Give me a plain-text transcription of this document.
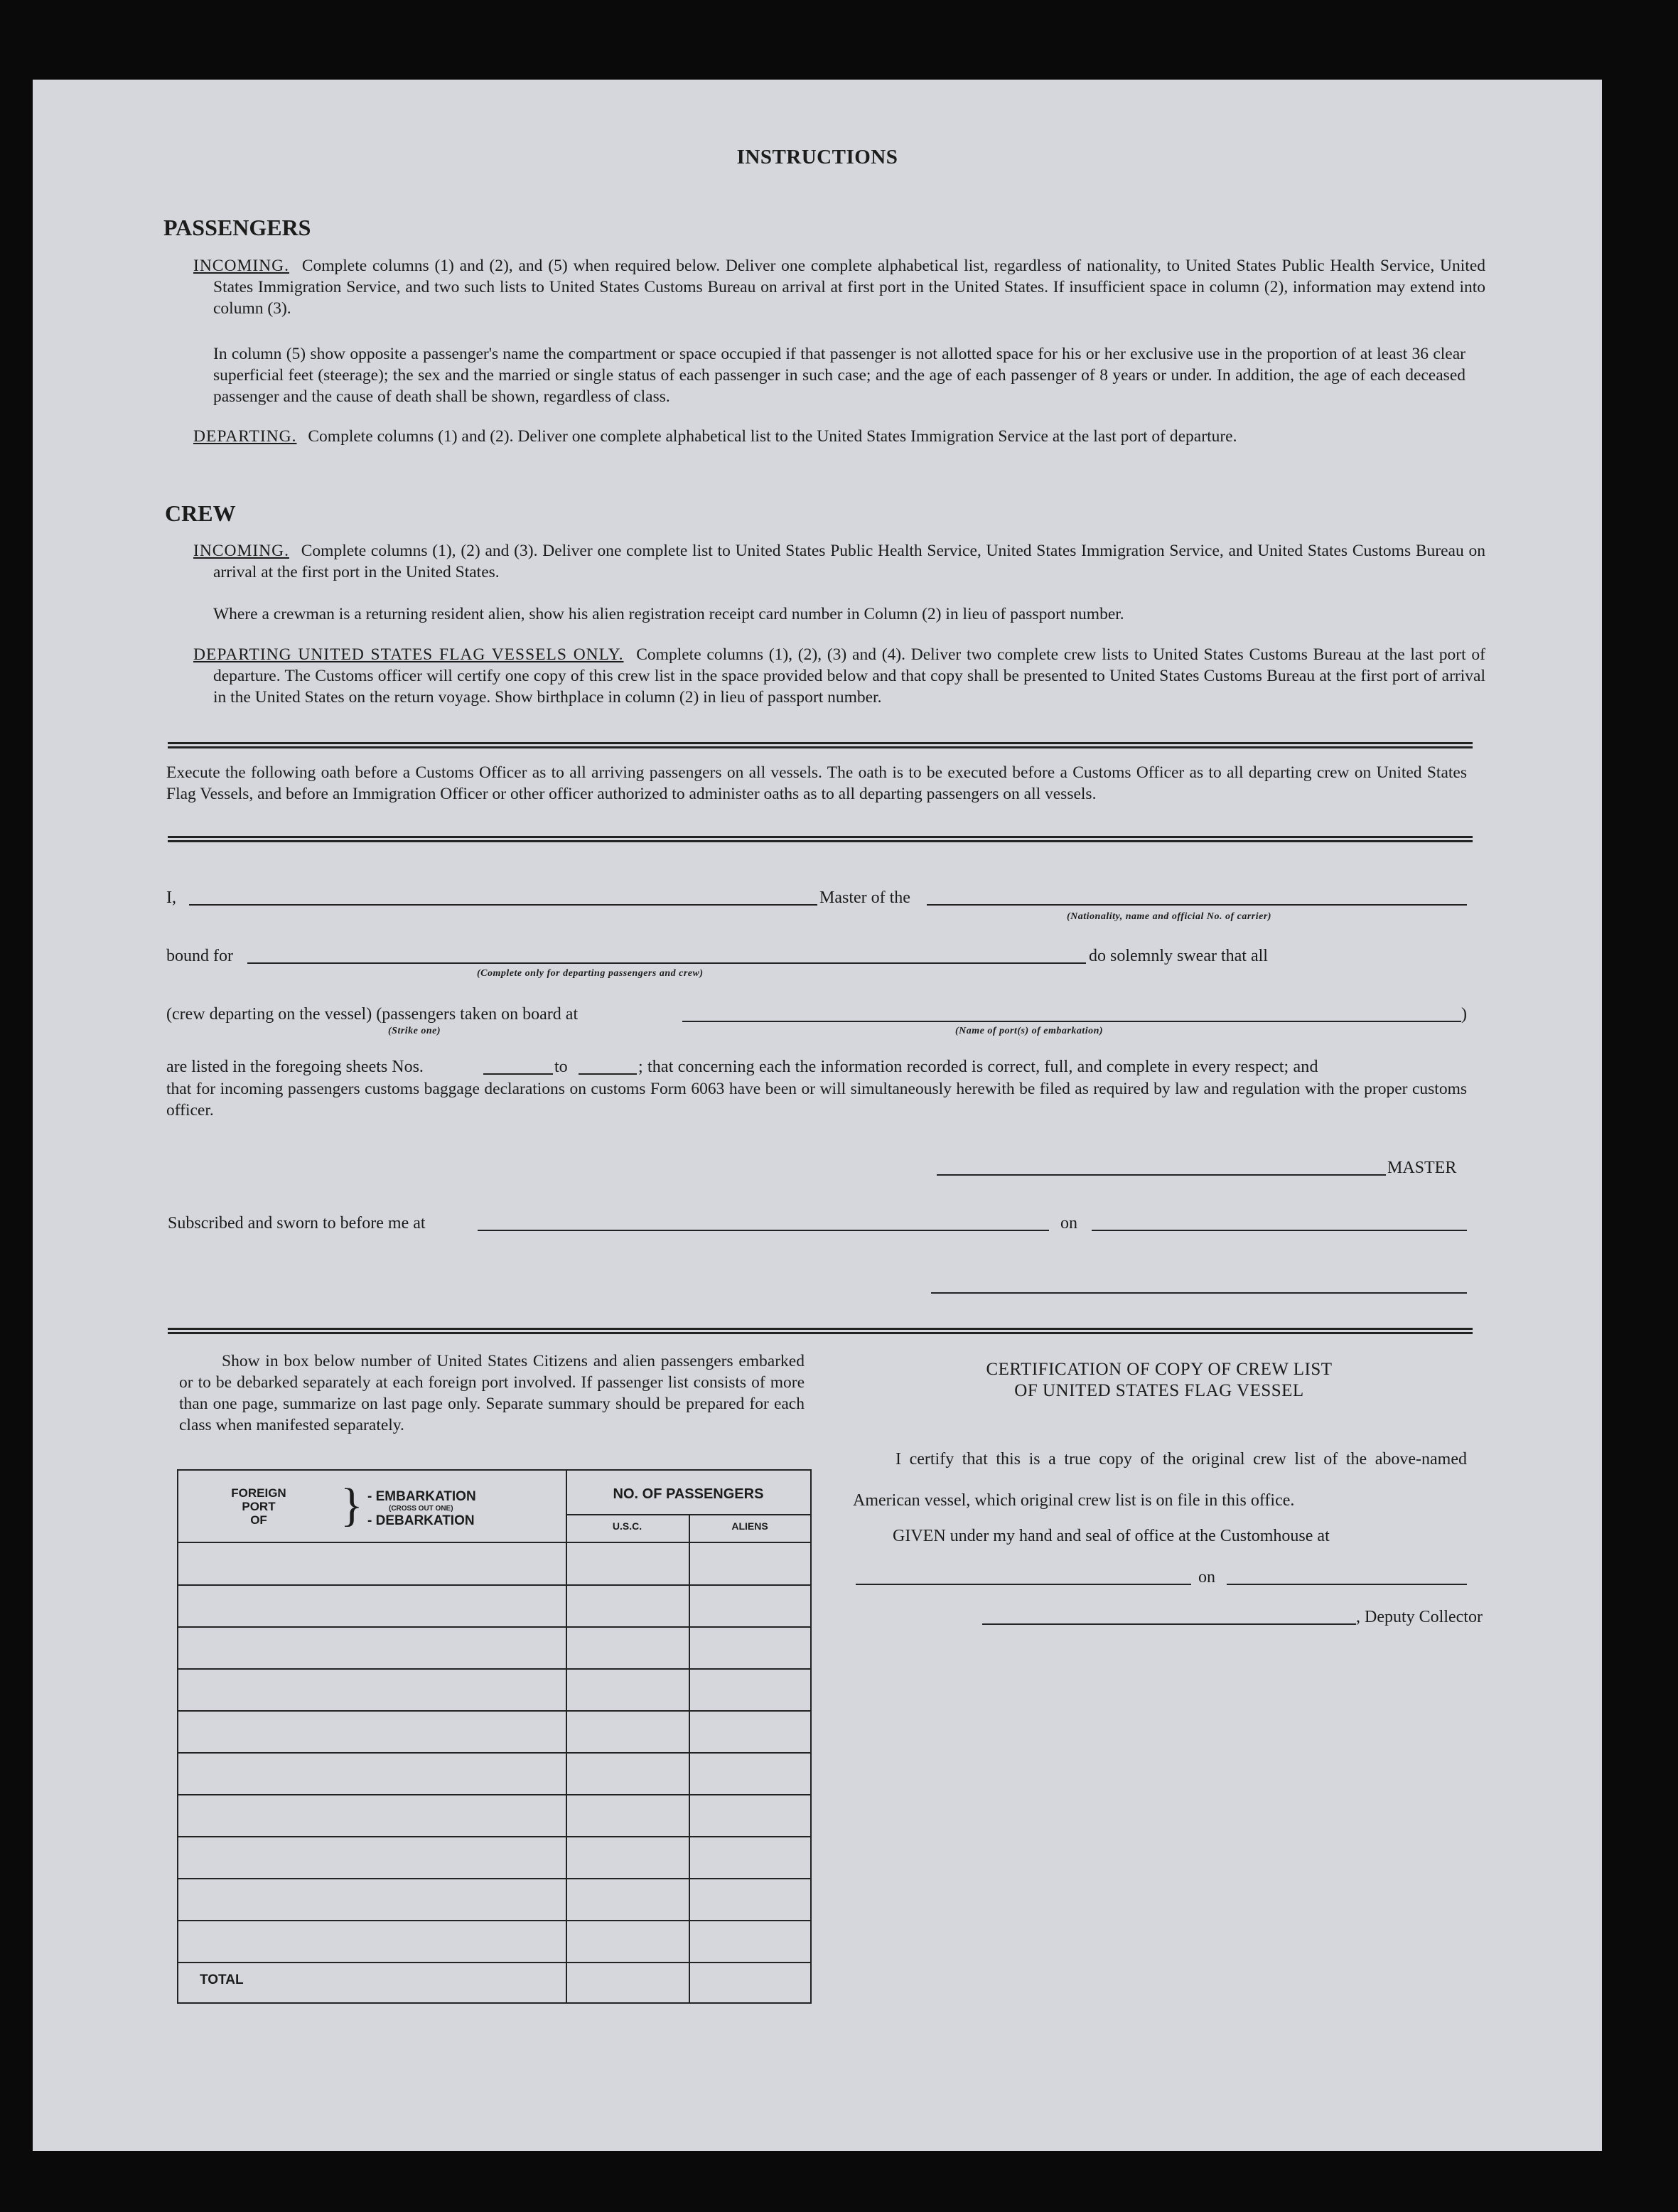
INSTRUCTIONS
PASSENGERS

INCOMING. Complete columns (1) and (2), and (5) when required below. Deliver one complete alphabetical list, regardless of nationality, to United States Public Health Service, United States Immigration Service, and two such lists to United States Customs Bureau on arrival at first port in the United States. If insufficient space in column (2), information may extend into column (3).

In column (5) show opposite a passenger's name the compartment or space occupied if that passenger is not allotted space for his or her exclusive use in the proportion of at least 36 clear superficial feet (steerage); the sex and the married or single status of each passenger in such case; and the age of each passenger of 8 years or under. In addition, the age of each deceased passenger and the cause of death shall be shown, regardless of class.

DEPARTING. Complete columns (1) and (2). Deliver one complete alphabetical list to the United States Immigration Service at the last port of departure.

CREW

INCOMING. Complete columns (1), (2) and (3). Deliver one complete list to United States Public Health Service, United States Immigration Service, and United States Customs Bureau on arrival at the first port in the United States.

Where a crewman is a returning resident alien, show his alien registration receipt card number in Column (2) in lieu of passport number.

DEPARTING UNITED STATES FLAG VESSELS ONLY. Complete columns (1), (2), (3) and (4). Deliver two complete crew lists to United States Customs Bureau at the last port of departure. The Customs officer will certify one copy of this crew list in the space provided below and that copy shall be presented to United States Customs Bureau at the first port of arrival in the United States on the return voyage. Show birthplace in column (2) in lieu of passport number.

Execute the following oath before a Customs Officer as to all arriving passengers on all vessels. The oath is to be executed before a Customs Officer as to all departing crew on United States Flag Vessels, and before an Immigration Officer or other officer authorized to administer oaths as to all departing passengers on all vessels.

I,	Master of the
(Nationality, name and official No. of carrier)
bound for
(Complete only for departing passengers and crew)
do solemnly swear that all
(crew departing on the vessel) (passengers taken on board at
(Strike one)	(Name of port(s) of embarkation)
)
are listed in the foregoing sheets Nos.	to	; that concerning each the information recorded is correct, full, and complete in every respect; and

that for incoming passengers customs baggage declarations on customs Form 6063 have been or will simultaneously herewith be filed as required by law and regulation with the proper customs officer.

MASTER
Subscribed and sworn to before me at	on

Show in box below number of United States Citizens and alien passengers embarked or to be debarked separately at each foreign port involved. If passenger list consists of more than one page, summarize on last page only. Separate summary should be prepared for each class when manifested separately.

FOREIGN
PORT
OF	} - EMBARKATION
(CROSS OUT ONE)
- DEBARKATION
NO. OF PASSENGERS
U.S.C.	ALIENS
TOTAL
CERTIFICATION OF COPY OF CREW LIST
OF UNITED STATES FLAG VESSEL

I certify that this is a true copy of the original crew list of the above-named American vessel, which original crew list is on file in this office.

GIVEN under my hand and seal of office at the Customhouse at
on
, Deputy Collector
